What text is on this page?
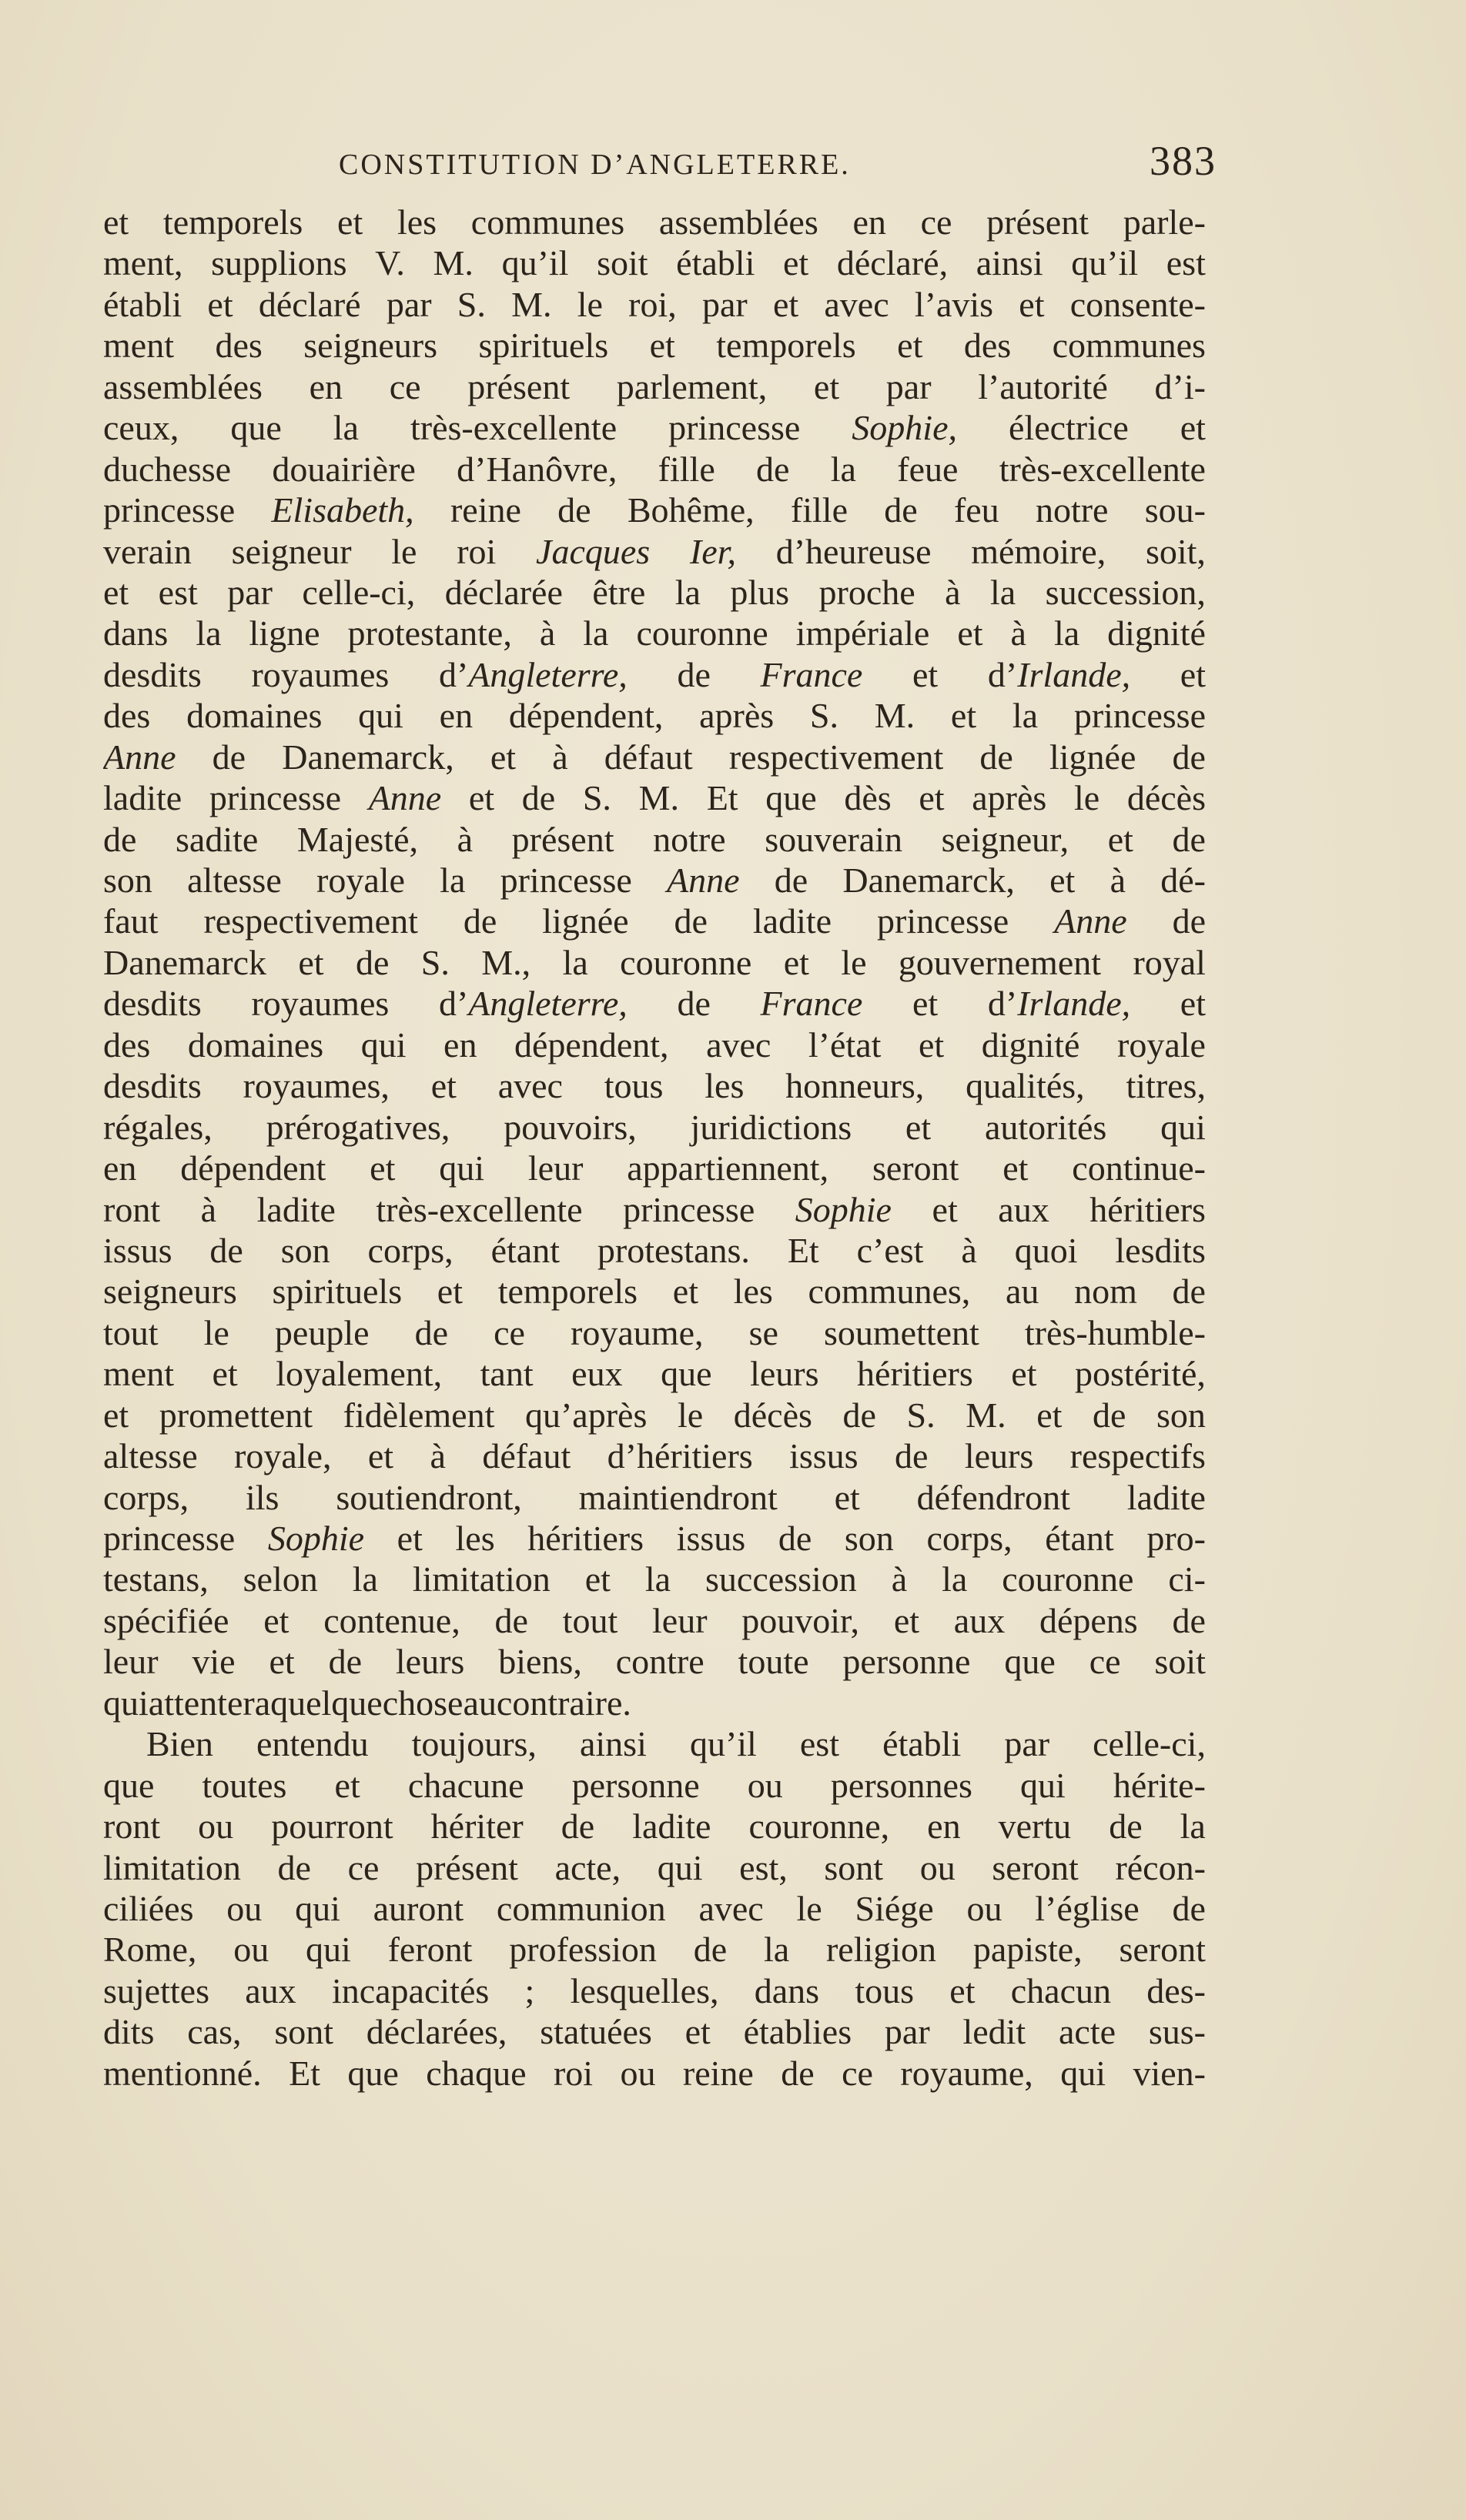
CONSTITUTION D’ANGLETERRE.	383
et temporels et les communes assemblées en ce présent parle-
ment, supplions V. M. qu’il soit établi et déclaré, ainsi qu’il est
établi et déclaré par S. M. le roi, par et avec l’avis et consente-
ment des seigneurs spirituels et temporels et des communes
assemblées en ce présent parlement, et par l’autorité d’i-
ceux, que la très-excellente princesse Sophie, électrice et
duchesse douairière d’Hanôvre, fille de la feue très-excellente
princesse Elisabeth, reine de Bohême, fille de feu notre sou-
verain seigneur le roi Jacques Ier, d’heureuse mémoire, soit,
et est par celle-ci, déclarée être la plus proche à la succession,
dans la ligne protestante, à la couronne impériale et à la dignité
desdits royaumes d’Angleterre, de France et d’Irlande, et
des domaines qui en dépendent, après S. M. et la princesse
Anne de Danemarck, et à défaut respectivement de lignée de
ladite princesse Anne et de S. M. Et que dès et après le décès
de sadite Majesté, à présent notre souverain seigneur, et de
son altesse royale la princesse Anne de Danemarck, et à dé-
faut respectivement de lignée de ladite princesse Anne de
Danemarck et de S. M., la couronne et le gouvernement royal
desdits royaumes d’Angleterre, de France et d’Irlande, et
des domaines qui en dépendent, avec l’état et dignité royale
desdits royaumes, et avec tous les honneurs, qualités, titres,
régales, prérogatives, pouvoirs, juridictions et autorités qui
en dépendent et qui leur appartiennent, seront et continue-
ront à ladite très-excellente princesse Sophie et aux héritiers
issus de son corps, étant protestans. Et c’est à quoi lesdits
seigneurs spirituels et temporels et les communes, au nom de
tout le peuple de ce royaume, se soumettent très-humble-
ment et loyalement, tant eux que leurs héritiers et postérité,
et promettent fidèlement qu’après le décès de S. M. et de son
altesse royale, et à défaut d’héritiers issus de leurs respectifs
corps, ils soutiendront, maintiendront et défendront ladite
princesse Sophie et les héritiers issus de son corps, étant pro-
testans, selon la limitation et la succession à la couronne ci-
spécifiée et contenue, de tout leur pouvoir, et aux dépens de
leur vie et de leurs biens, contre toute personne que ce soit
qui attentera quelque chose au contraire.
Bien entendu toujours, ainsi qu’il est établi par celle-ci,
que toutes et chacune personne ou personnes qui hérite-
ront ou pourront hériter de ladite couronne, en vertu de la
limitation de ce présent acte, qui est, sont ou seront récon-
ciliées ou qui auront communion avec le Siége ou l’église de
Rome, ou qui feront profession de la religion papiste, seront
sujettes aux incapacités ; lesquelles, dans tous et chacun des-
dits cas, sont déclarées, statuées et établies par ledit acte sus-
mentionné. Et que chaque roi ou reine de ce royaume, qui vien-
